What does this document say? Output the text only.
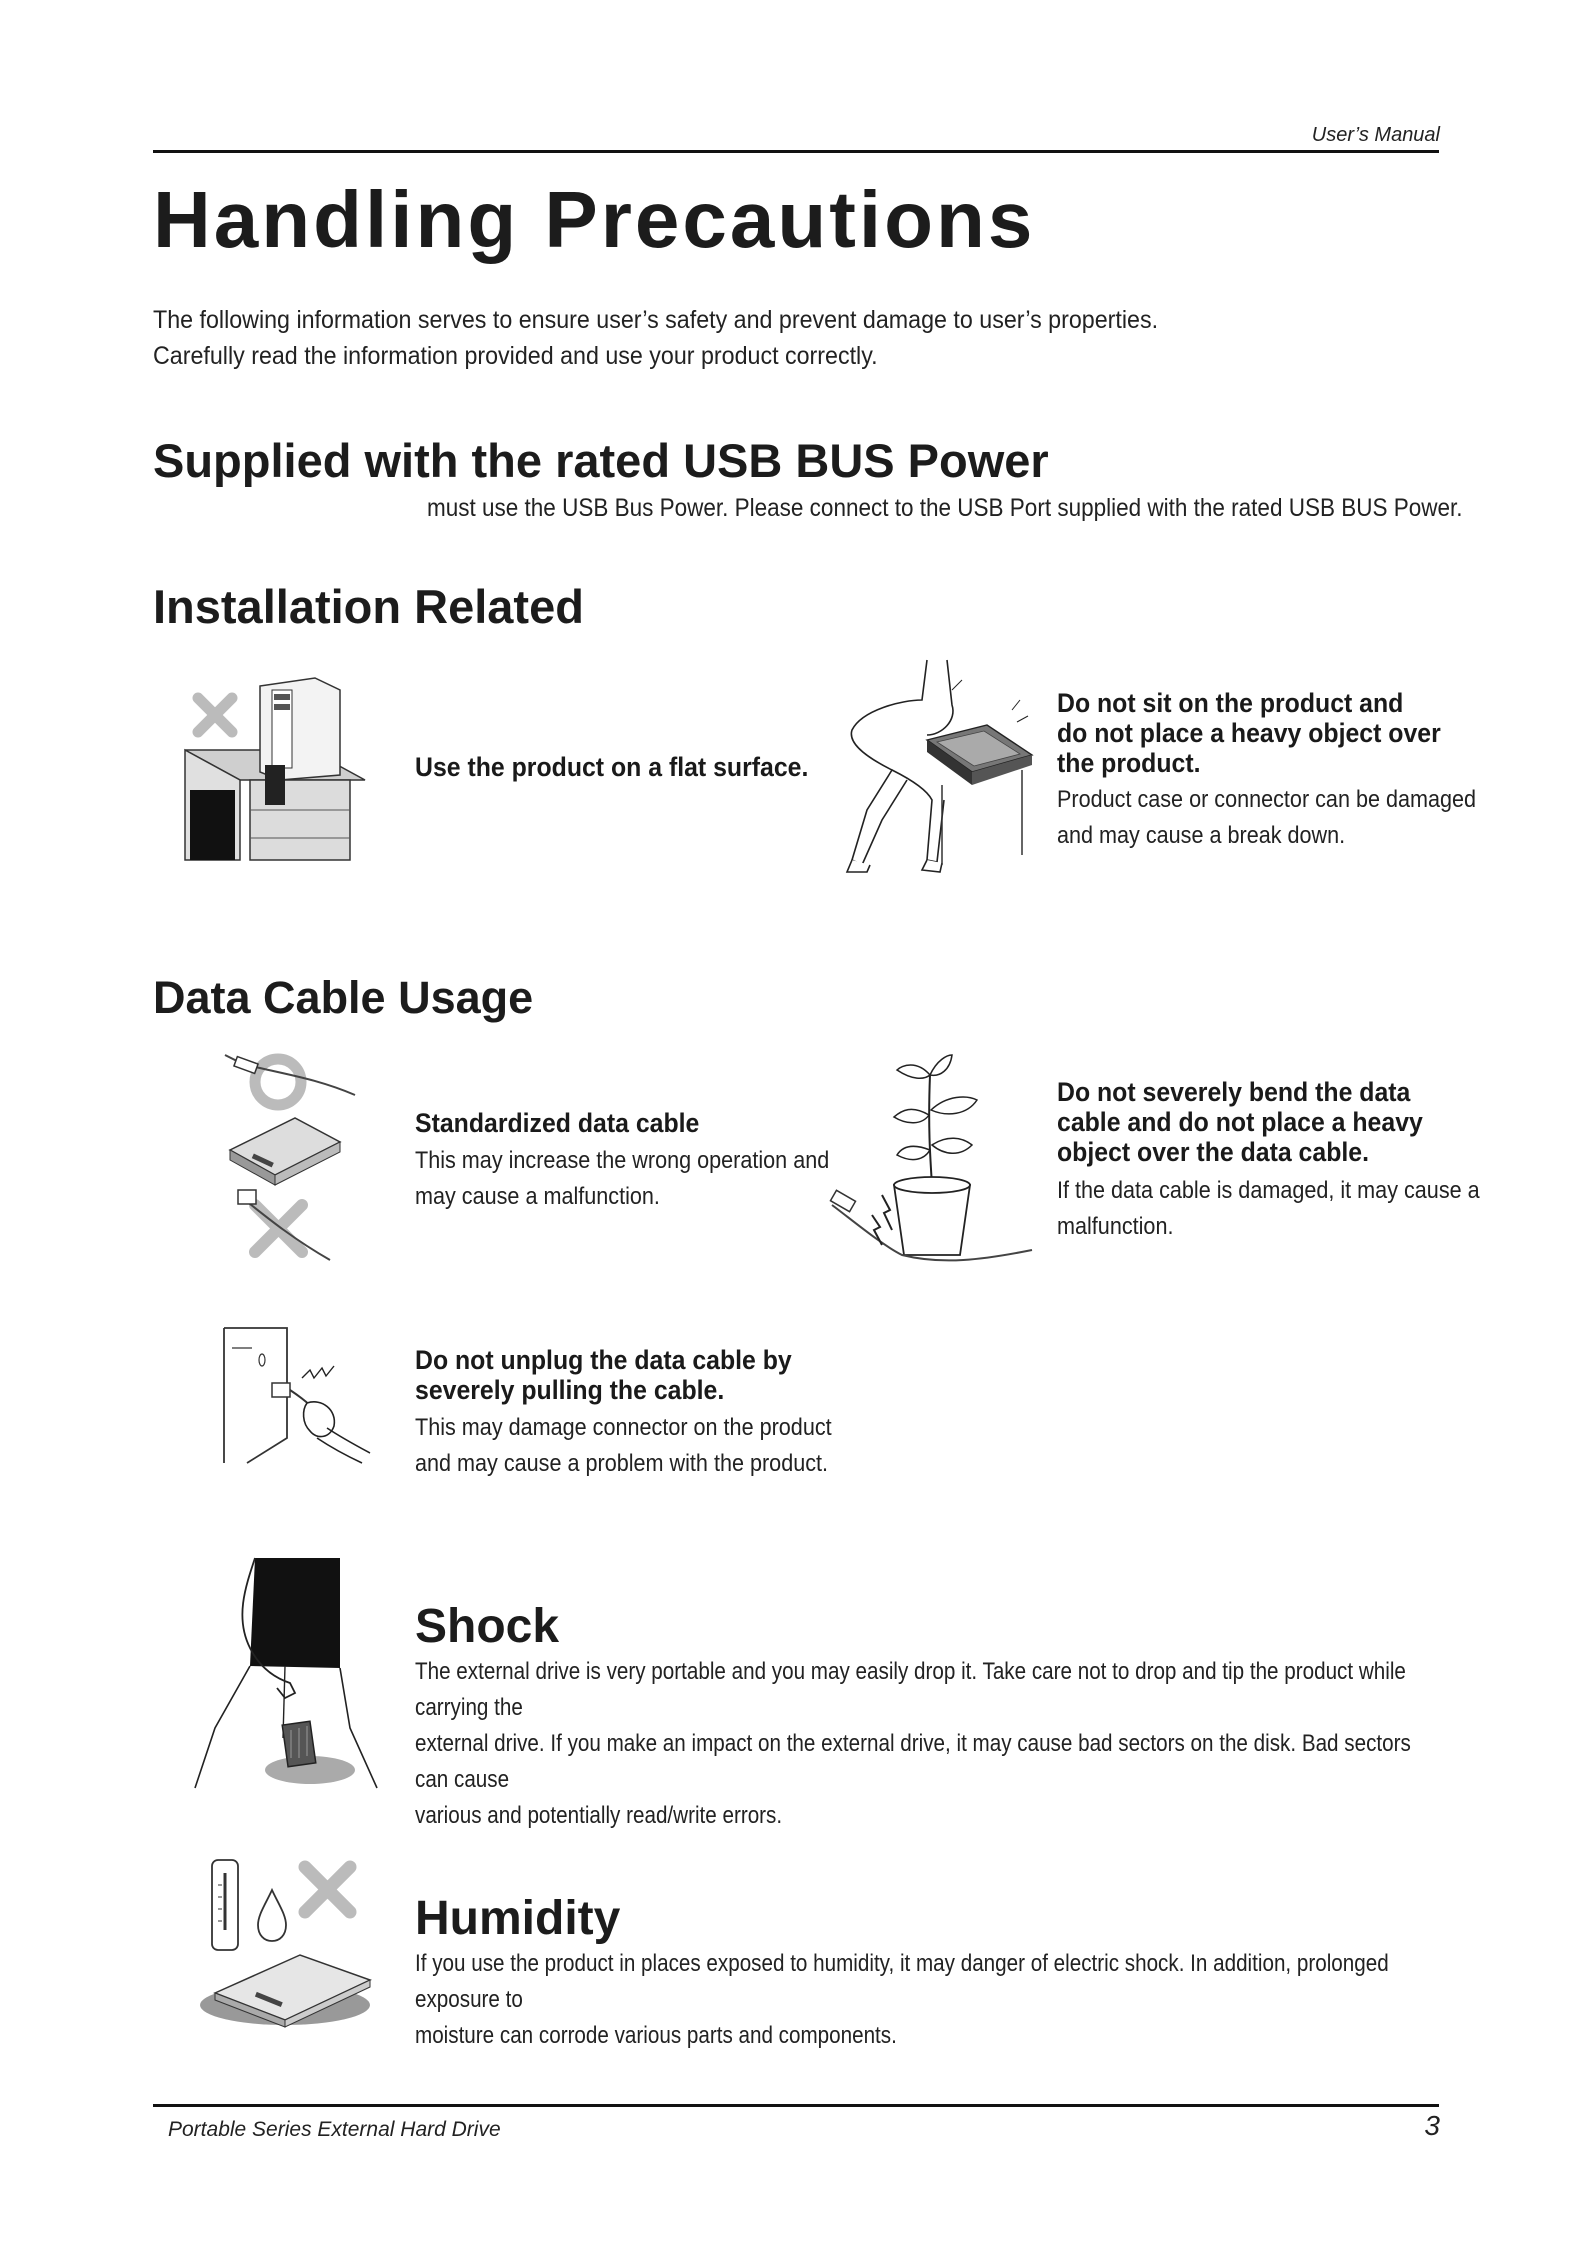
User’s Manual
Handling Precautions
The following information serves to ensure user’s safety and prevent damage to user’s properties.
Carefully read the information provided and use your product correctly.
Supplied with the rated USB BUS Power
must use the USB Bus Power. Please connect to the USB Port supplied with the rated USB BUS Power.
Installation Related
Use the product on a flat surface.
Do not sit on the product and
do not place a heavy object over
the product.
Product case or connector can be damaged
and may cause a break down.
Data Cable Usage
Standardized data cable
This may increase the wrong operation and
may cause a malfunction.
Do not severely bend the data
cable and do not place a heavy
object over the data cable.
If the data cable is damaged, it may cause a
malfunction.
Do not unplug the data cable by
severely pulling the cable.
This may damage connector on the product
and may cause a problem with the product.
Shock
The external drive is very portable and you may easily drop it. Take care not to drop and tip the product while carrying the
external drive. If you make an impact on the external drive, it may cause bad sectors on the disk. Bad sectors can cause
various and potentially read/write errors.
Humidity
If you use the product in places exposed to humidity, it may danger of electric shock. In addition, prolonged exposure to
moisture can corrode various parts and components.
Portable Series External Hard Drive	3
